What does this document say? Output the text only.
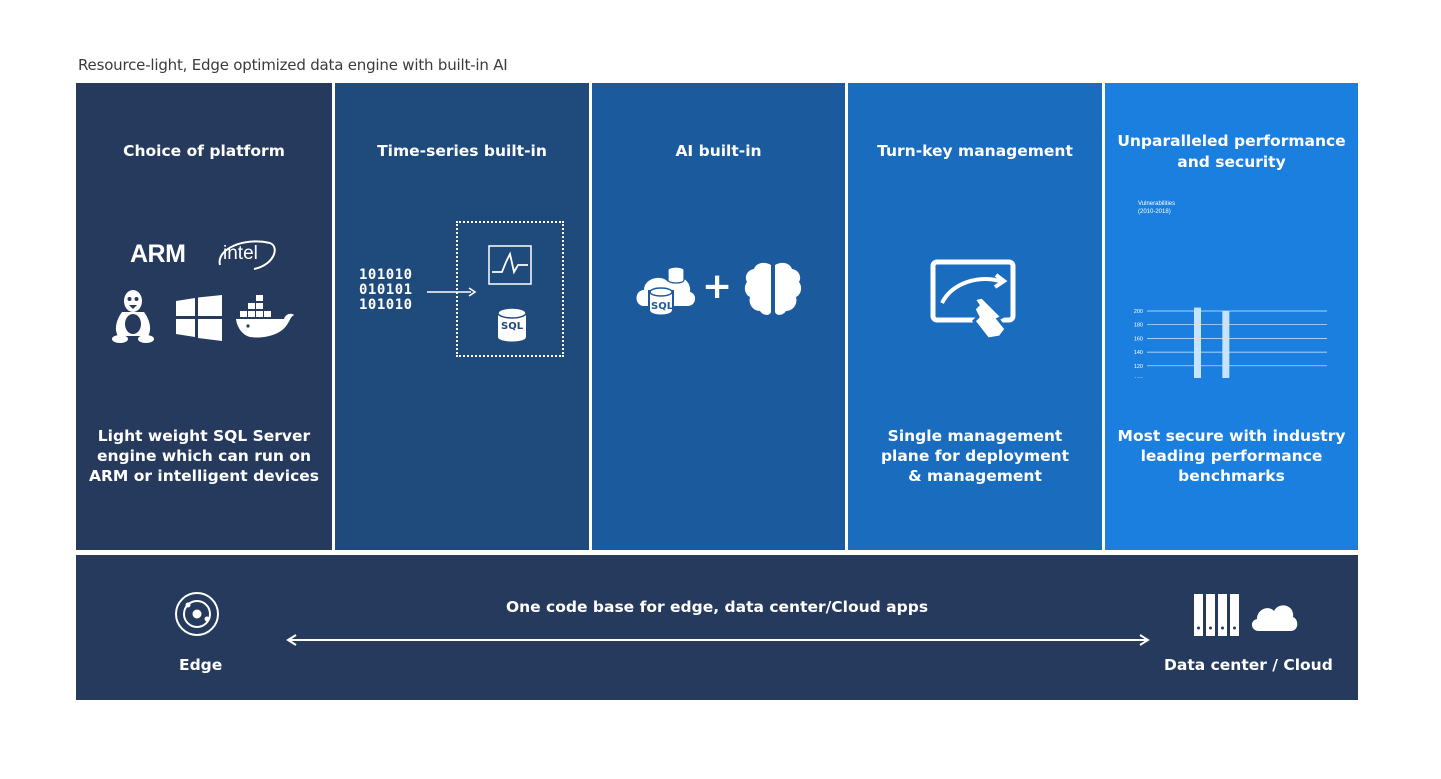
Resource-light, Edge optimized data engine with built-in AI
Choice of platform
ARM intel
Light weight SQL Server
engine which can run on
ARM or intelligent devices
Time-series built-in
101010
010101
101010
SQL
AI built-in
SQL +
Turn-key management
Single management
plane for deployment
& management
Unparalleled performance
and security
Vulnerabilities
(2010-2018)
120
140
160
180
200
Most secure with industry
leading performance
benchmarks
Edge
One code base for edge, data center/Cloud apps
Data center / Cloud
